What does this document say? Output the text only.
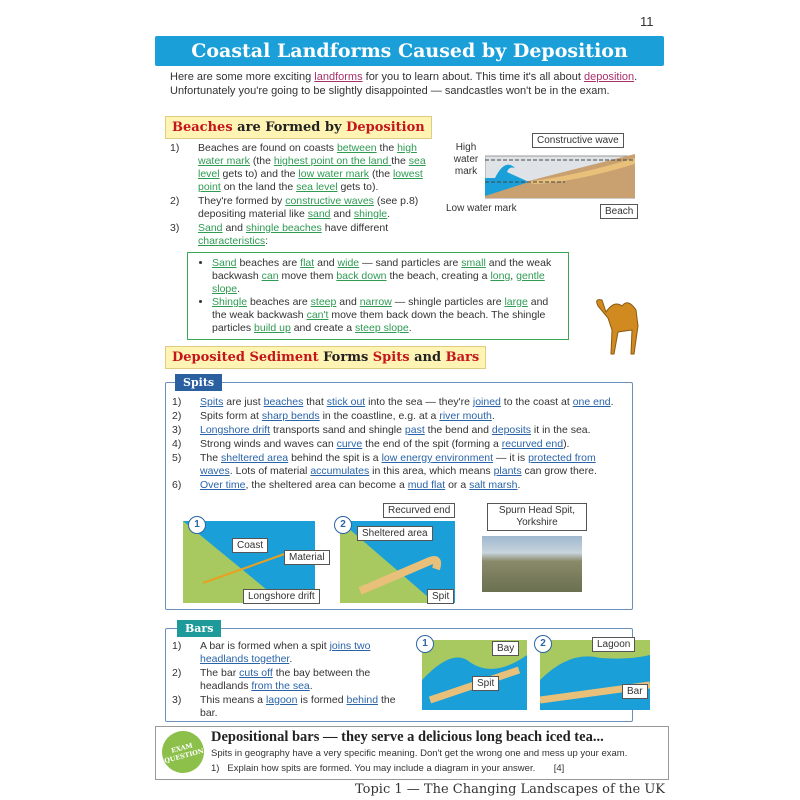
11
Coastal Landforms Caused by Deposition
Here are some more exciting landforms for you to learn about. This time it's all about deposition. Unfortunately you're going to be slightly disappointed — sandcastles won't be in the exam.
Beaches are Formed by Deposition
1) Beaches are found on coasts between the high water mark (the highest point on the land the sea level gets to) and the low water mark (the lowest point on the land the sea level gets to).
2) They're formed by constructive waves (see p.8) depositing material like sand and shingle.
3) Sand and shingle beaches have different characteristics:
High water mark
Low water mark
Constructive wave
Beach
• Sand beaches are flat and wide — sand particles are small and the weak backwash can move them back down the beach, creating a long, gentle slope.
• Shingle beaches are steep and narrow — shingle particles are large and the weak backwash can't move them back down the beach. The shingle particles build up and create a steep slope.
Deposited Sediment Forms Spits and Bars
Spits
1) Spits are just beaches that stick out into the sea — they're joined to the coast at one end.
2) Spits form at sharp bends in the coastline, e.g. at a river mouth.
3) Longshore drift transports sand and shingle past the bend and deposits it in the sea.
4) Strong winds and waves can curve the end of the spit (forming a recurved end).
5) The sheltered area behind the spit is a low energy environment — it is protected from waves. Lots of material accumulates in this area, which means plants can grow there.
6) Over time, the sheltered area can become a mud flat or a salt marsh.
1
Coast
Material
Longshore drift
2
Recurved end
Sheltered area
Spit
Spurn Head Spit, Yorkshire
Bars
1) A bar is formed when a spit joins two headlands together.
2) The bar cuts off the bay between the headlands from the sea.
3) This means a lagoon is formed behind the bar.
1	Bay
Spit
2	Lagoon
Bar
EXAM QUESTION
Depositional bars — they serve a delicious long beach iced tea...
Spits in geography have a very specific meaning. Don't get the wrong one and mess up your exam.
1) Explain how spits are formed. You may include a diagram in your answer. [4]
Topic 1 — The Changing Landscapes of the UK
